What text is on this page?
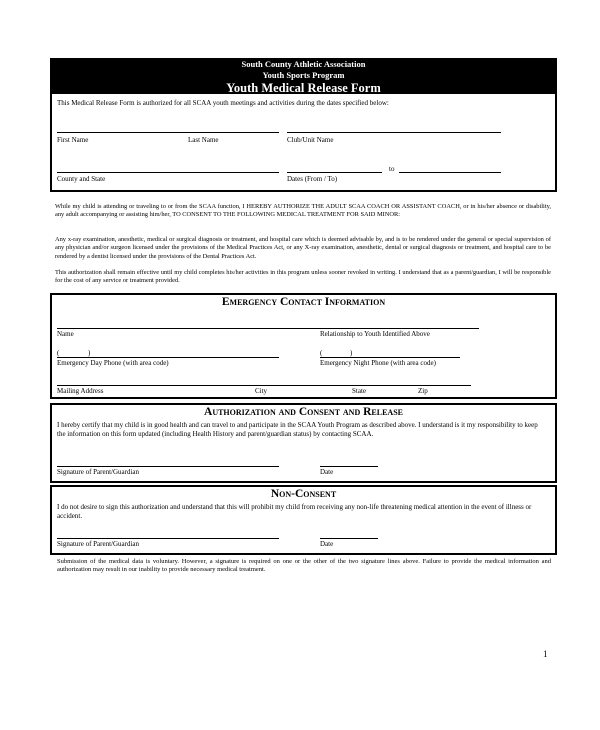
South County Athletic Association
Youth Sports Program
Youth Medical Release Form
This Medical Release Form is authorized for all SCAA youth meetings and activities during the dates specified below:
First Name	Last Name	Club/Unit Name
to
County and State	Dates (From / To)
While my child is attending or traveling to or from the SCAA function, I HEREBY AUTHORIZE THE ADULT SCAA COACH OR ASSISTANT COACH, or in his/her absence or disability, any adult accompanying or assisting him/her, TO CONSENT TO THE FOLLOWING MEDICAL TREATMENT FOR SAID MINOR:
Any x-ray examination, anesthetic, medical or surgical diagnosis or treatment, and hospital care which is deemed advisable by, and is to be rendered under the general or special supervision of any physician and/or surgeon licensed under the provisions of the Medical Practices Act, or any X-ray examination, anesthetic, dental or surgical diagnosis or treatment, and hospital care to be rendered by a dentist licensed under the provisions of the Dental Practices Act.
This authorization shall remain effective until my child completes his/her activities in this program unless sooner revoked in writing. I understand that as a parent/guardian, I will be responsible for the cost of any service or treatment provided.
Emergency Contact Information
Name	Relationship to Youth Identified Above
(	)	(	)
Emergency Day Phone (with area code)	Emergency Night Phone (with area code)
Mailing Address	City	State	Zip
Authorization and Consent and Release
I hereby certify that my child is in good health and can travel to and participate in the SCAA Youth Program as described above. I understand is it my responsibility to keep the information on this form updated (including Health History and parent/guardian status) by contacting SCAA.
Signature of Parent/Guardian	Date
Non-Consent
I do not desire to sign this authorization and understand that this will prohibit my child from receiving any non-life threatening medical attention in the event of illness or accident.
Signature of Parent/Guardian	Date
Submission of the medical data is voluntary. However, a signature is required on one or the other of the two signature lines above. Failure to provide the medical information and authorization may result in our inability to provide necessary medical treatment.
1
